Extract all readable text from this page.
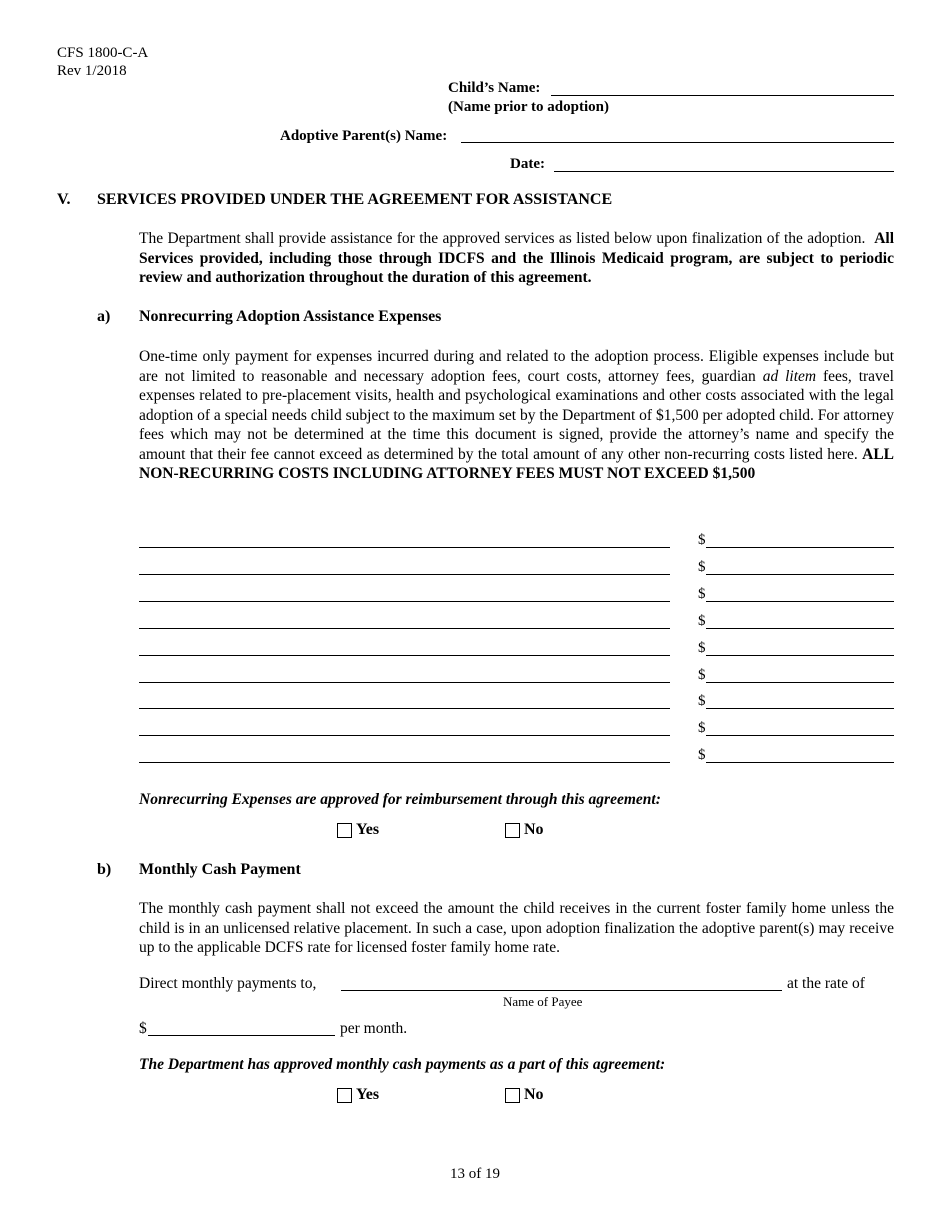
CFS 1800-C-A
Rev 1/2018
Child’s Name:
(Name prior to adoption)
Adoptive Parent(s) Name:
Date:
V. SERVICES PROVIDED UNDER THE AGREEMENT FOR ASSISTANCE
The Department shall provide assistance for the approved services as listed below upon finalization of the adoption. All Services provided, including those through IDCFS and the Illinois Medicaid program, are subject to periodic review and authorization throughout the duration of this agreement.
a) Nonrecurring Adoption Assistance Expenses
One-time only payment for expenses incurred during and related to the adoption process. Eligible expenses include but are not limited to reasonable and necessary adoption fees, court costs, attorney fees, guardian ad litem fees, travel expenses related to pre-placement visits, health and psychological examinations and other costs associated with the legal adoption of a special needs child subject to the maximum set by the Department of $1,500 per adopted child. For attorney fees which may not be determined at the time this document is signed, provide the attorney’s name and specify the amount that their fee cannot exceed as determined by the total amount of any other non-recurring costs listed here. ALL NON-RECURRING COSTS INCLUDING ATTORNEY FEES MUST NOT EXCEED $1,500
$
$
$
$
$
$
$
$
$
Nonrecurring Expenses are approved for reimbursement through this agreement:
Yes	No
b) Monthly Cash Payment
The monthly cash payment shall not exceed the amount the child receives in the current foster family home unless the child is in an unlicensed relative placement. In such a case, upon adoption finalization the adoptive parent(s) may receive up to the applicable DCFS rate for licensed foster family home rate.
Direct monthly payments to,	at the rate of
Name of Payee
$	per month.
The Department has approved monthly cash payments as a part of this agreement:
Yes	No
13 of 19
